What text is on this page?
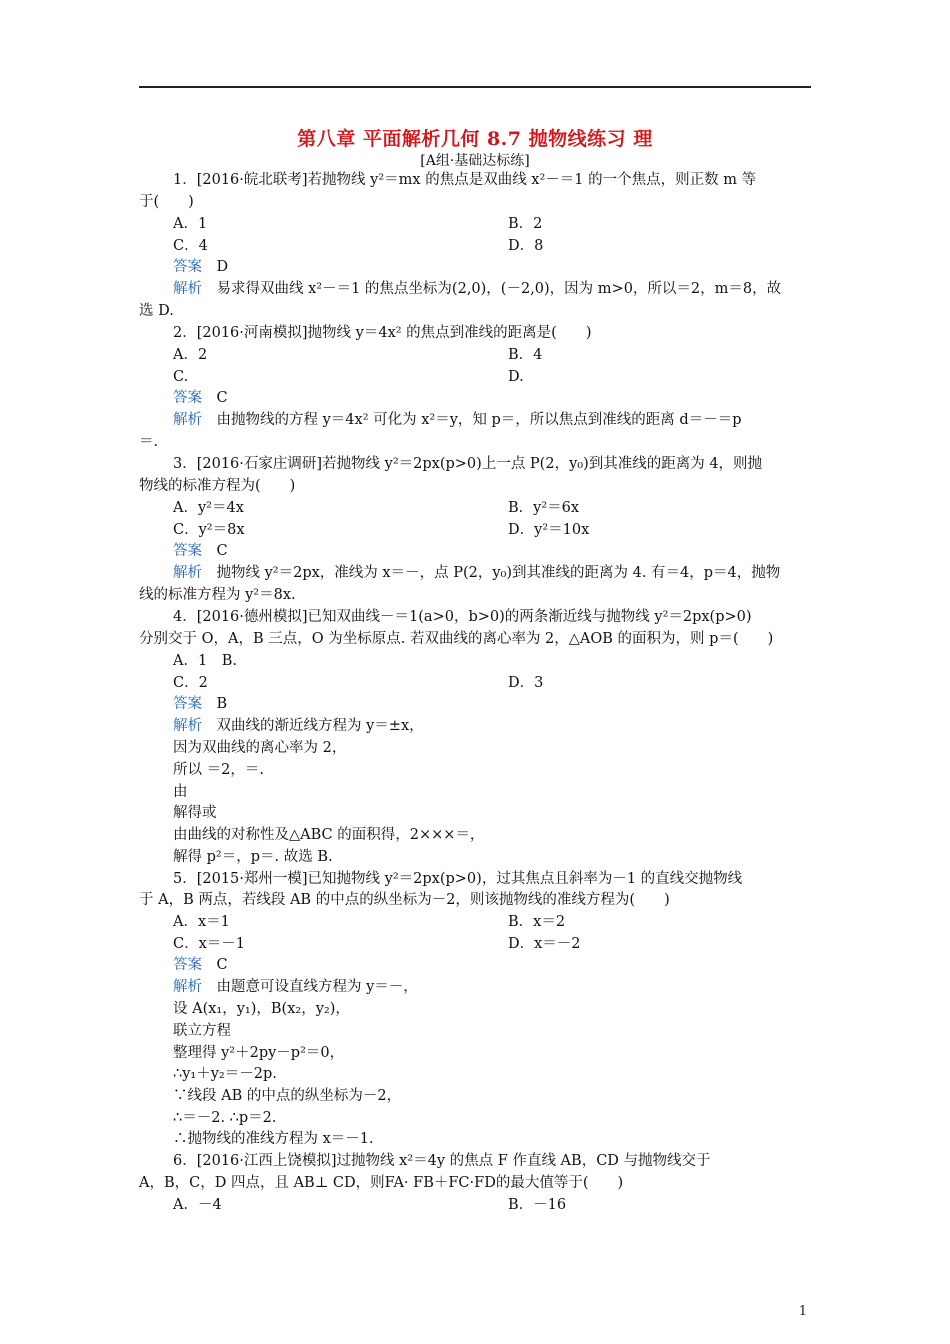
第八章 平面解析几何 8.7 抛物线练习 理
[A组·基础达标练]
1．[2016·皖北联考]若抛物线 y²＝mx 的焦点是双曲线 x²－＝1 的一个焦点，则正数 m 等
于(　　)
A．1	B．2
C．4	D．8
答案　 D
解析　 易求得双曲线 x²－＝1 的焦点坐标为(2,0)，(－2,0)，因为 m>0，所以＝2，m＝8，故
选 D.
2．[2016·河南模拟]抛物线 y＝4x² 的焦点到准线的距离是(　　)
A．2	B．4
C.	D.
答案　 C
解析　 由抛物线的方程 y＝4x² 可化为 x²＝y，知 p＝，所以焦点到准线的距离 d＝－＝p
＝.
3．[2016·石家庄调研]若抛物线 y²＝2px(p>0)上一点 P(2，y₀)到其准线的距离为 4，则抛
物线的标准方程为(　　)
A．y²＝4x	B．y²＝6x
C．y²＝8x	D．y²＝10x
答案　 C
解析　 抛物线 y²＝2px，准线为 x＝－，点 P(2，y₀)到其准线的距离为 4. 有＝4，p＝4，抛物
线的标准方程为 y²＝8x.
4．[2016·德州模拟]已知双曲线－＝1(a>0，b>0)的两条渐近线与抛物线 y²＝2px(p>0)
分别交于 O，A，B 三点，O 为坐标原点. 若双曲线的离心率为 2，△AOB 的面积为，则 p＝(　　)
A．1　B.
C．2	D．3
答案　 B
解析　 双曲线的渐近线方程为 y＝±x，
因为双曲线的离心率为 2，
所以 ＝2，＝.
由
解得或
由曲线的对称性及△ABC 的面积得，2×××＝，
解得 p²＝，p＝. 故选 B.
5．[2015·郑州一模]已知抛物线 y²＝2px(p>0)，过其焦点且斜率为－1 的直线交抛物线
于 A，B 两点，若线段 AB 的中点的纵坐标为－2，则该抛物线的准线方程为(　　)
A．x＝1	B．x＝2
C．x＝－1	D．x＝－2
答案　 C
解析　 由题意可设直线方程为 y＝－，
设 A(x₁，y₁)，B(x₂，y₂)，
联立方程
整理得 y²＋2py－p²＝0，
∴y₁＋y₂＝－2p.
∵线段 AB 的中点的纵坐标为－2，
∴＝－2. ∴p＝2.
∴抛物线的准线方程为 x＝－1.
6．[2016·江西上饶模拟]过抛物线 x²＝4y 的焦点 F 作直线 AB，CD 与抛物线交于
A，B，C，D 四点，且 AB⊥ CD，则FA· FB＋FC·FD的最大值等于(　　)
A．－4	B．－16
1
